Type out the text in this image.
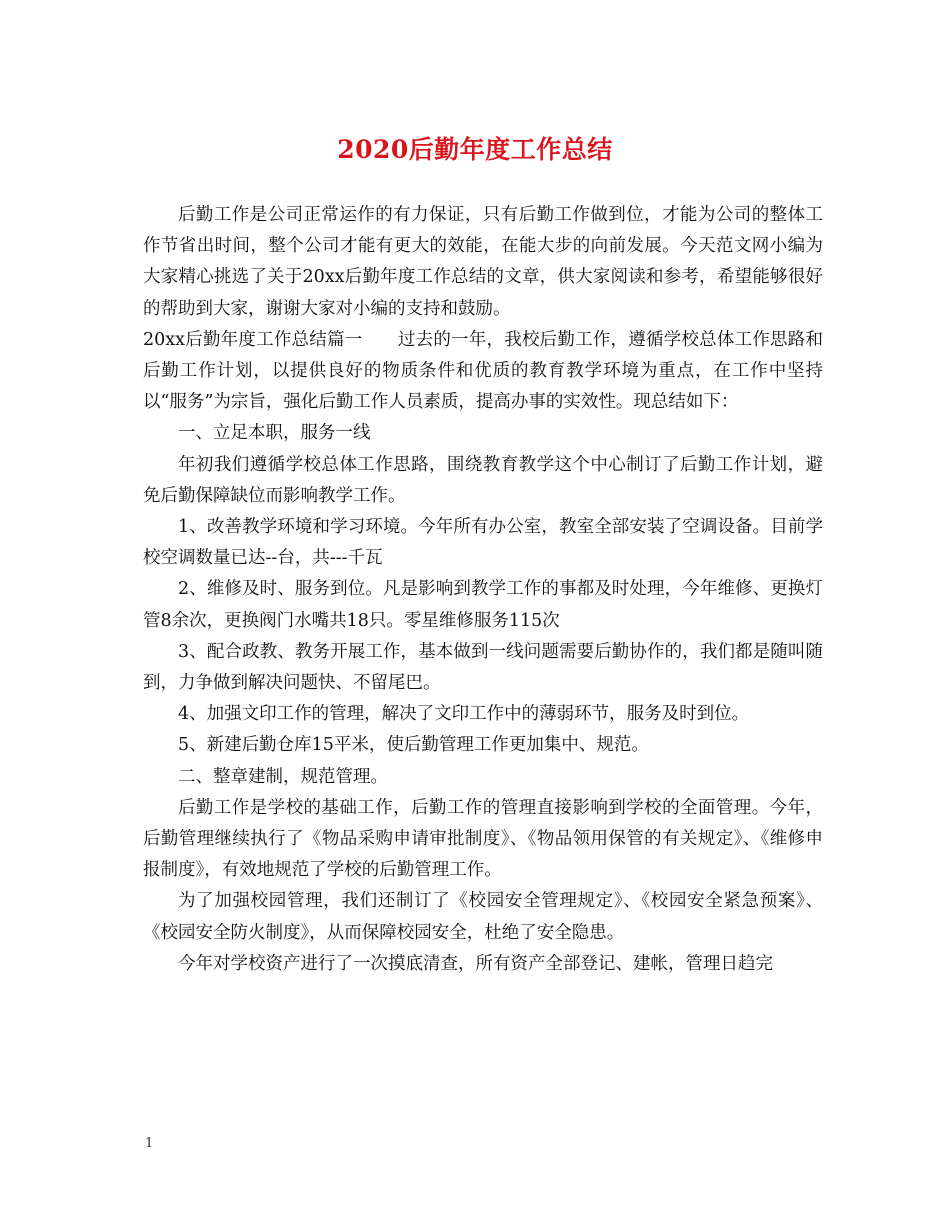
2020后勤年度工作总结

后勤工作是公司正常运作的有力保证，只有后勤工作做到位，才能为公司的整体工作节省出时间，整个公司才能有更大的效能，在能大步的向前发展。今天范文网小编为大家精心挑选了关于20xx后勤年度工作总结的文章，供大家阅读和参考，希望能够很好的帮助到大家，谢谢大家对小编的支持和鼓励。

20xx后勤年度工作总结篇一　　过去的一年，我校后勤工作，遵循学校总体工作思路和后勤工作计划，以提供良好的物质条件和优质的教育教学环境为重点，在工作中坚持以“服务”为宗旨，强化后勤工作人员素质，提高办事的实效性。现总结如下：

一、立足本职，服务一线

年初我们遵循学校总体工作思路，围绕教育教学这个中心制订了后勤工作计划，避免后勤保障缺位而影响教学工作。

1、改善教学环境和学习环境。今年所有办公室，教室全部安装了空调设备。目前学校空调数量已达--台，共---千瓦

2、维修及时、服务到位。凡是影响到教学工作的事都及时处理，今年维修、更换灯管8余次，更换阀门水嘴共18只。零星维修服务115次

3、配合政教、教务开展工作，基本做到一线问题需要后勤协作的，我们都是随叫随到，力争做到解决问题快、不留尾巴。

4、加强文印工作的管理，解决了文印工作中的薄弱环节，服务及时到位。

5、新建后勤仓库15平米，使后勤管理工作更加集中、规范。

二、整章建制，规范管理。

后勤工作是学校的基础工作，后勤工作的管理直接影响到学校的全面管理。今年，后勤管理继续执行了《物品采购申请审批制度》、《物品领用保管的有关规定》、《维修申报制度》，有效地规范了学校的后勤管理工作。

为了加强校园管理，我们还制订了《校园安全管理规定》、《校园安全紧急预案》、《校园安全防火制度》，从而保障校园安全，杜绝了安全隐患。

今年对学校资产进行了一次摸底清查，所有资产全部登记、建帐，管理日趋完

1
